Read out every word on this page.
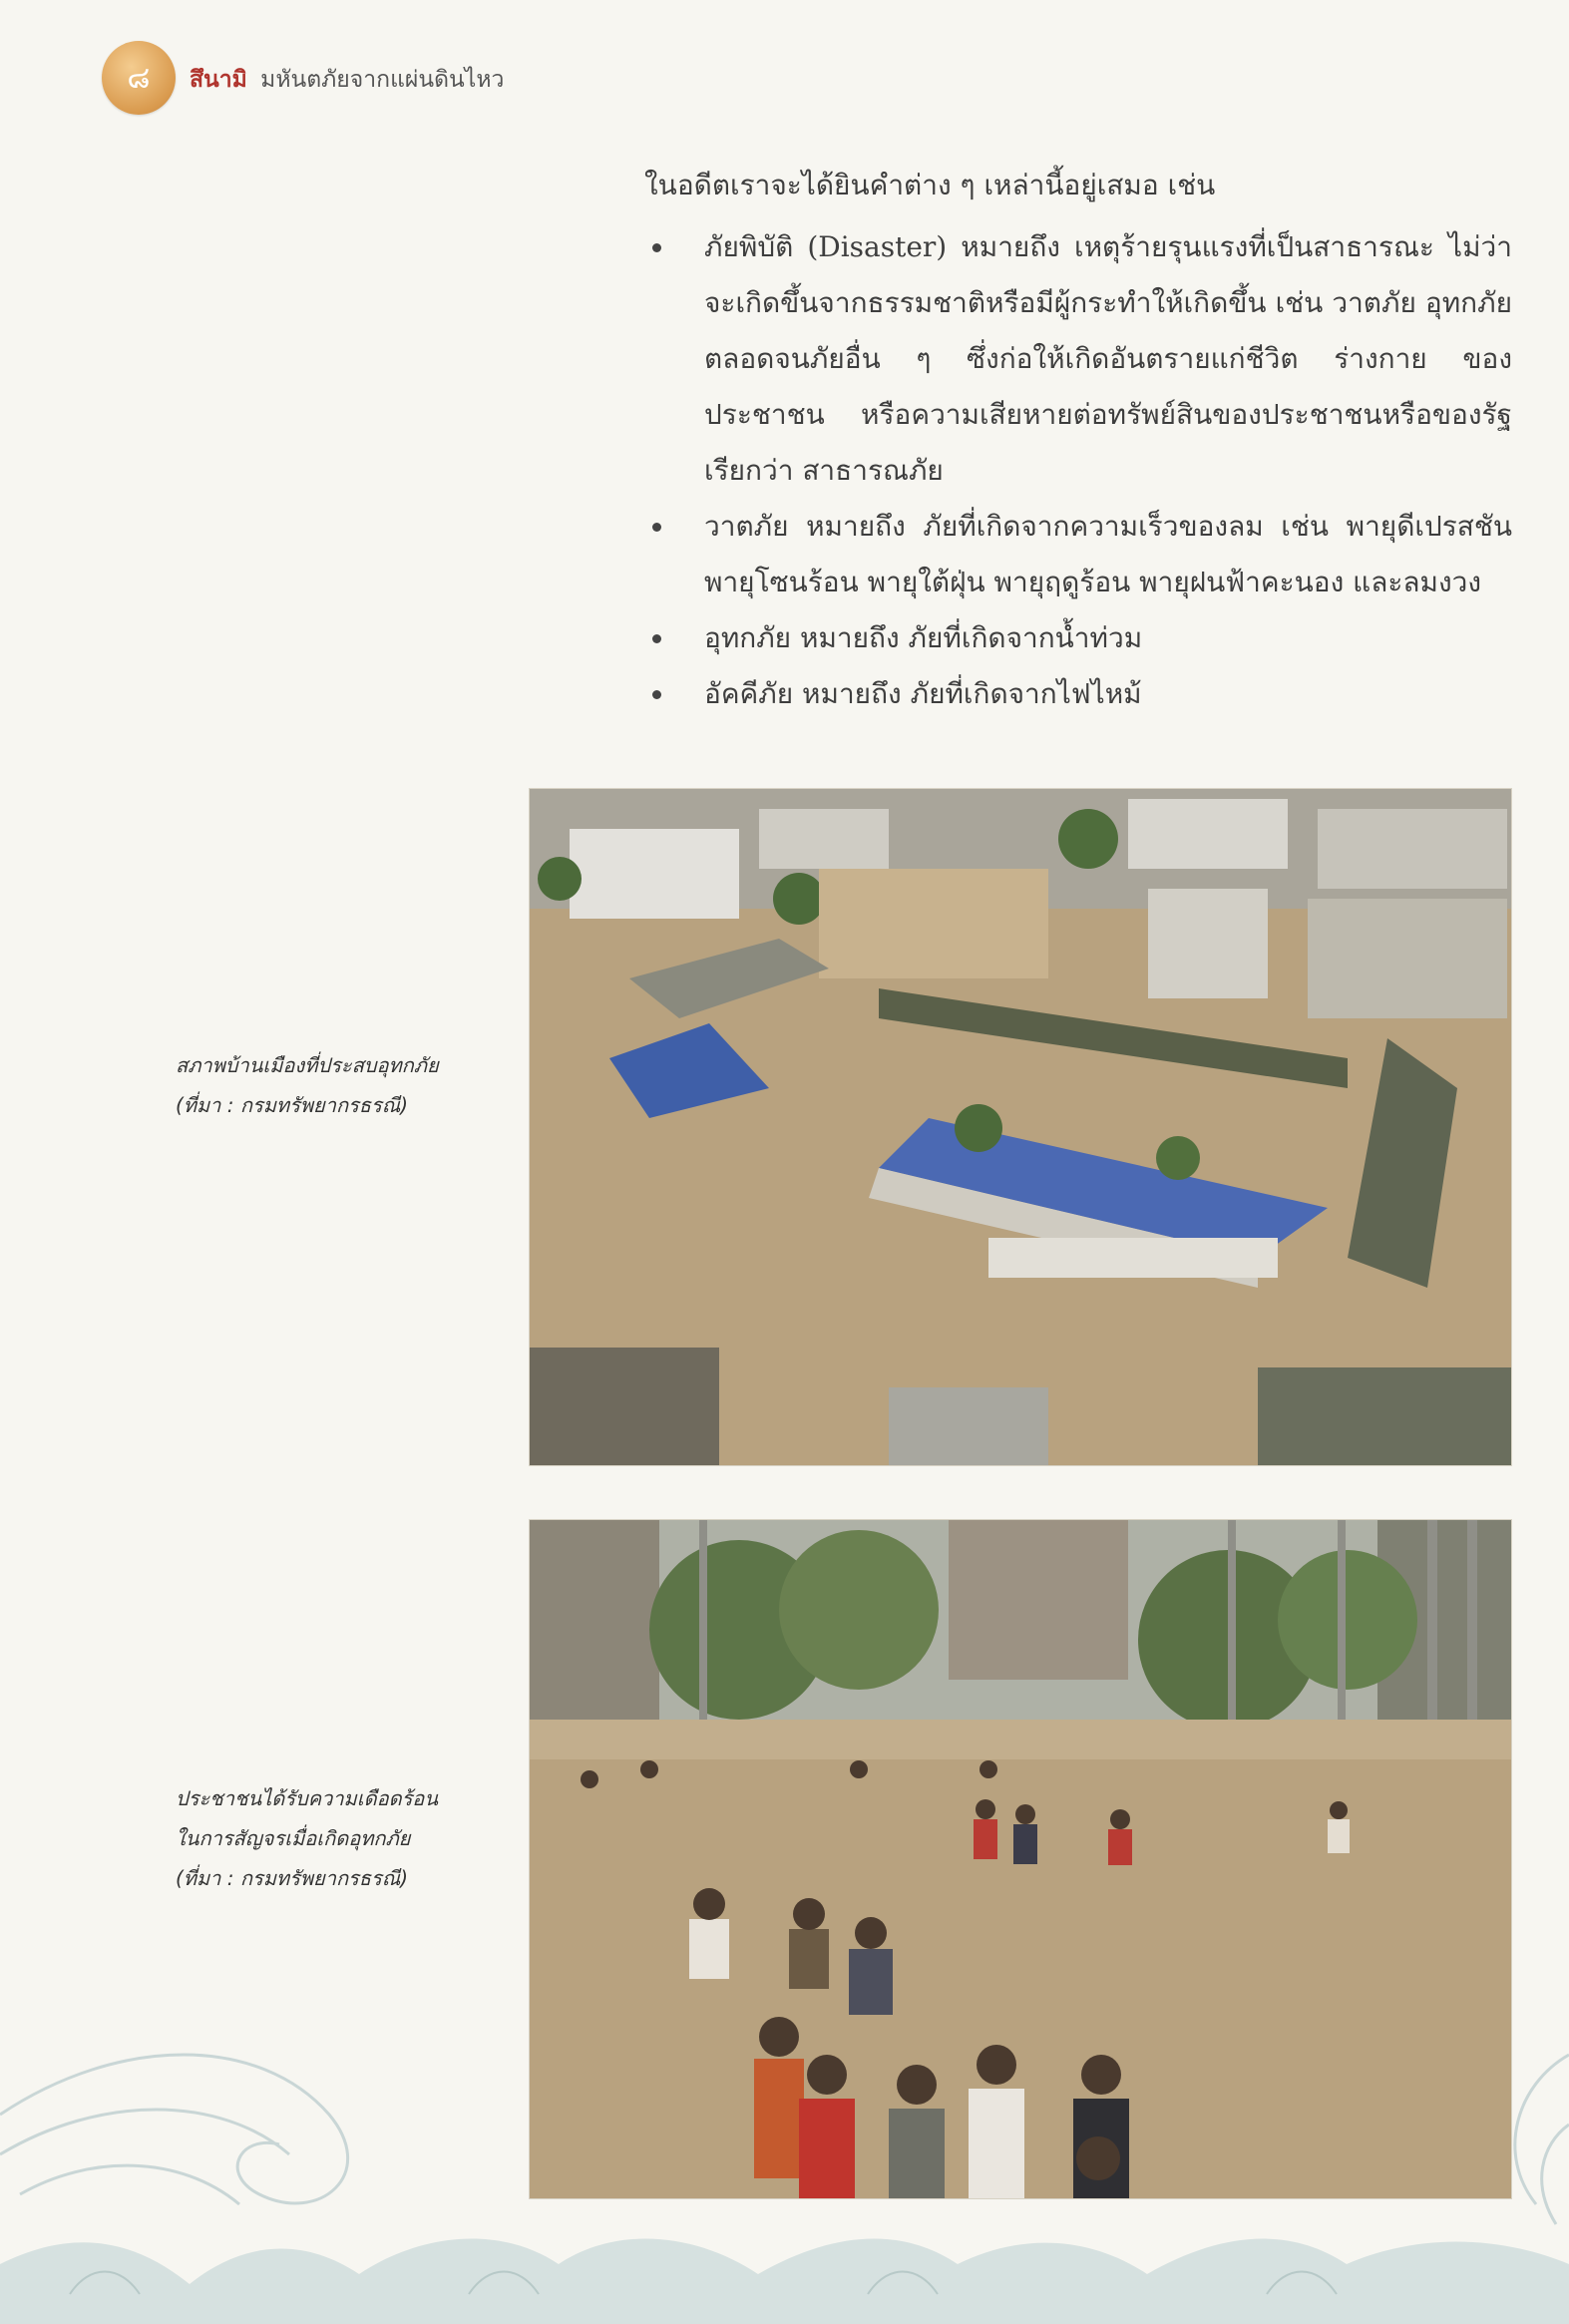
๘ สึนามิ มหันตภัยจากแผ่นดินไหว

ในอดีตเราจะได้ยินคำต่าง ๆ เหล่านี้อยู่เสมอ เช่น

ภัยพิบัติ (Disaster) หมายถึง เหตุร้ายรุนแรงที่เป็นสาธารณะ ไม่ว่าจะเกิดขึ้นจากธรรมชาติหรือมีผู้กระทำให้เกิดขึ้น เช่น วาตภัย อุทกภัย ตลอดจนภัยอื่น ๆ ซึ่งก่อให้เกิดอันตรายแก่ชีวิต ร่างกาย ของประชาชน หรือความเสียหายต่อทรัพย์สินของประชาชนหรือของรัฐ เรียกว่า สาธารณภัย
วาตภัย หมายถึง ภัยที่เกิดจากความเร็วของลม เช่น พายุดีเปรสชัน พายุโซนร้อน พายุใต้ฝุ่น พายุฤดูร้อน พายุฝนฟ้าคะนอง และลมงวง
อุทกภัย หมายถึง ภัยที่เกิดจากน้ำท่วม
อัคคีภัย หมายถึง ภัยที่เกิดจากไฟไหม้
สภาพบ้านเมืองที่ประสบอุทกภัย
(ที่มา : กรมทรัพยากรธรณี)
ประชาชนได้รับความเดือดร้อน
ในการสัญจรเมื่อเกิดอุทกภัย
(ที่มา : กรมทรัพยากรธรณี)
